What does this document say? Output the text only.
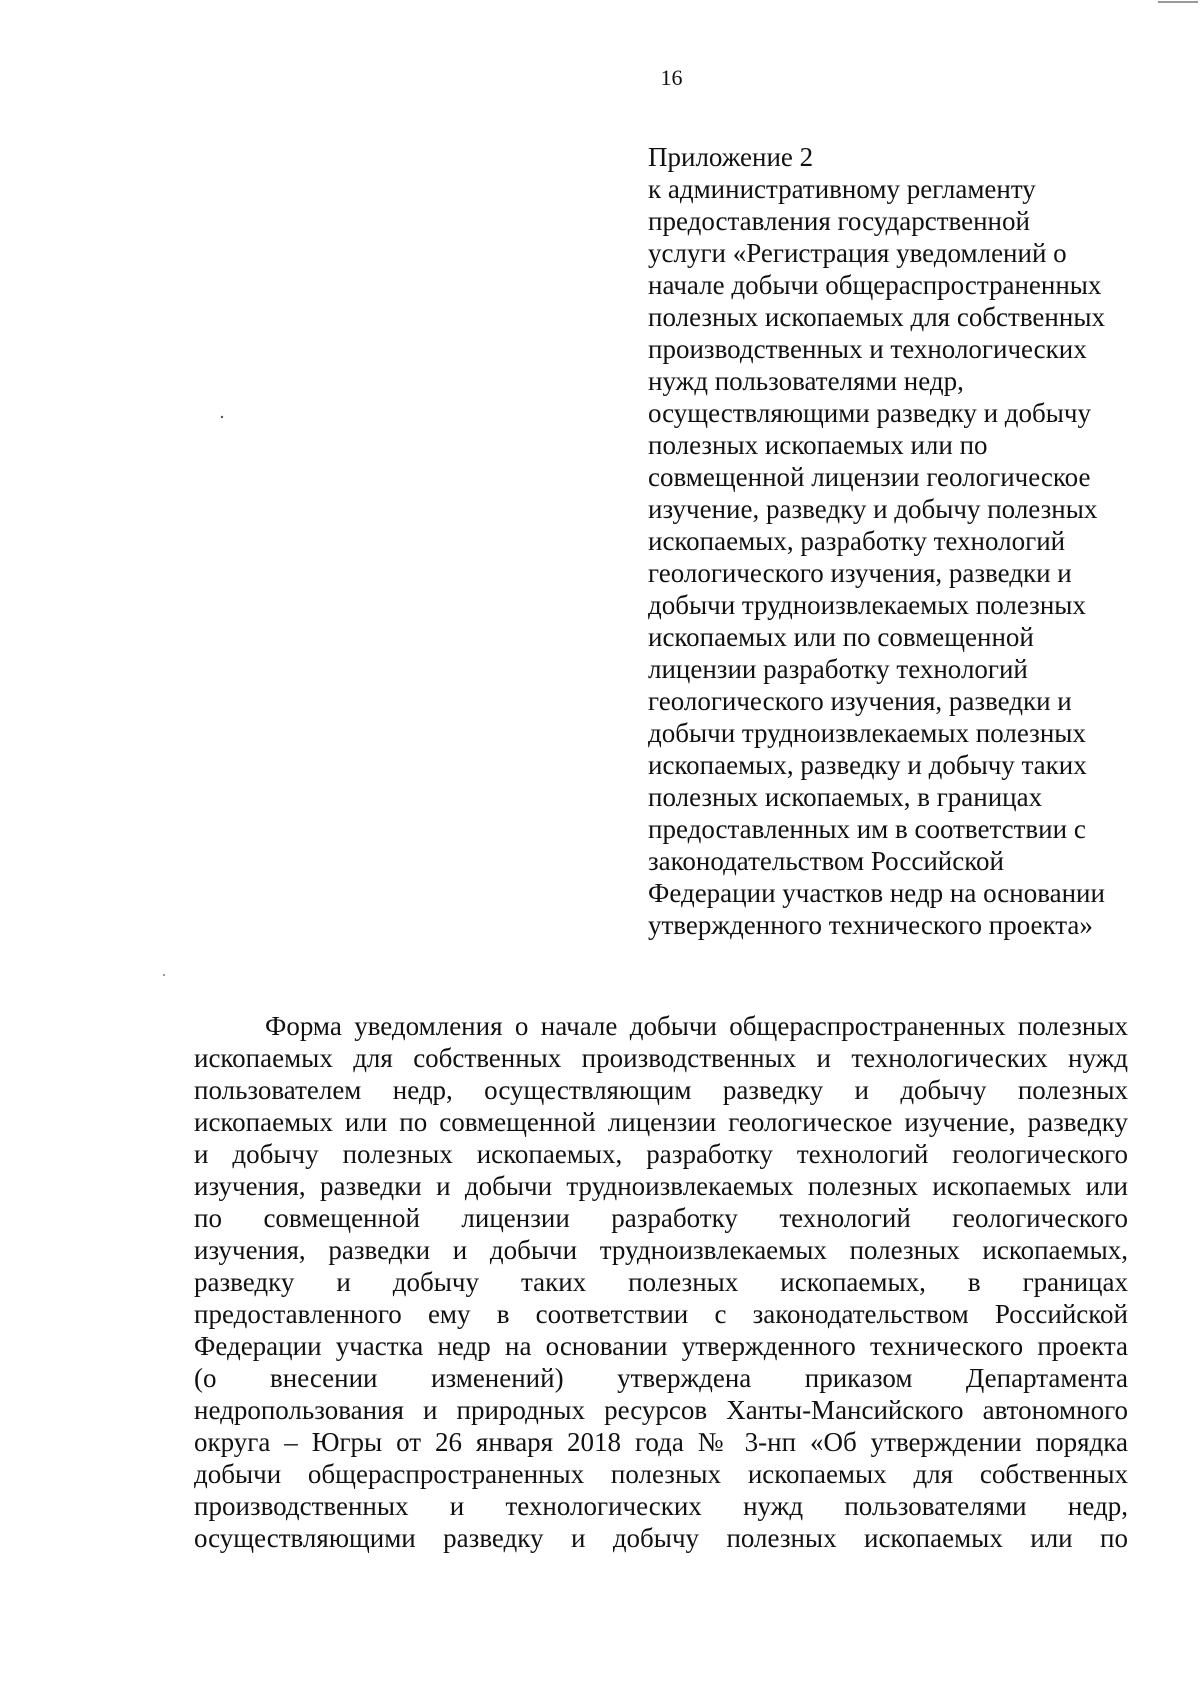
16
Приложение 2
к административному регламенту
предоставления государственной
услуги «Регистрация уведомлений о
начале добычи общераспространенных
полезных ископаемых для собственных
производственных и технологических
нужд пользователями недр,
осуществляющими разведку и добычу
полезных ископаемых или по
совмещенной лицензии геологическое
изучение, разведку и добычу полезных
ископаемых, разработку технологий
геологического изучения, разведки и
добычи трудноизвлекаемых полезных
ископаемых или по совмещенной
лицензии разработку технологий
геологического изучения, разведки и
добычи трудноизвлекаемых полезных
ископаемых, разведку и добычу таких
полезных ископаемых, в границах
предоставленных им в соответствии с
законодательством Российской
Федерации участков недр на основании
утвержденного технического проекта»
Форма уведомления о начале добычи общераспространенных полезных
ископаемых для собственных производственных и технологических нужд
пользователем недр, осуществляющим разведку и добычу полезных
ископаемых или по совмещенной лицензии геологическое изучение, разведку
и добычу полезных ископаемых, разработку технологий геологического
изучения, разведки и добычи трудноизвлекаемых полезных ископаемых или
по совмещенной лицензии разработку технологий геологического
изучения, разведки и добычи трудноизвлекаемых полезных ископаемых,
разведку и добычу таких полезных ископаемых, в границах
предоставленного ему в соответствии с законодательством Российской
Федерации участка недр на основании утвержденного технического проекта
(о внесении изменений) утверждена приказом Департамента
недропользования и природных ресурсов Ханты-Мансийского автономного
округа – Югры от 26 января 2018 года № 3-нп «Об утверждении порядка
добычи общераспространенных полезных ископаемых для собственных
производственных и технологических нужд пользователями недр,
осуществляющими разведку и добычу полезных ископаемых или по
